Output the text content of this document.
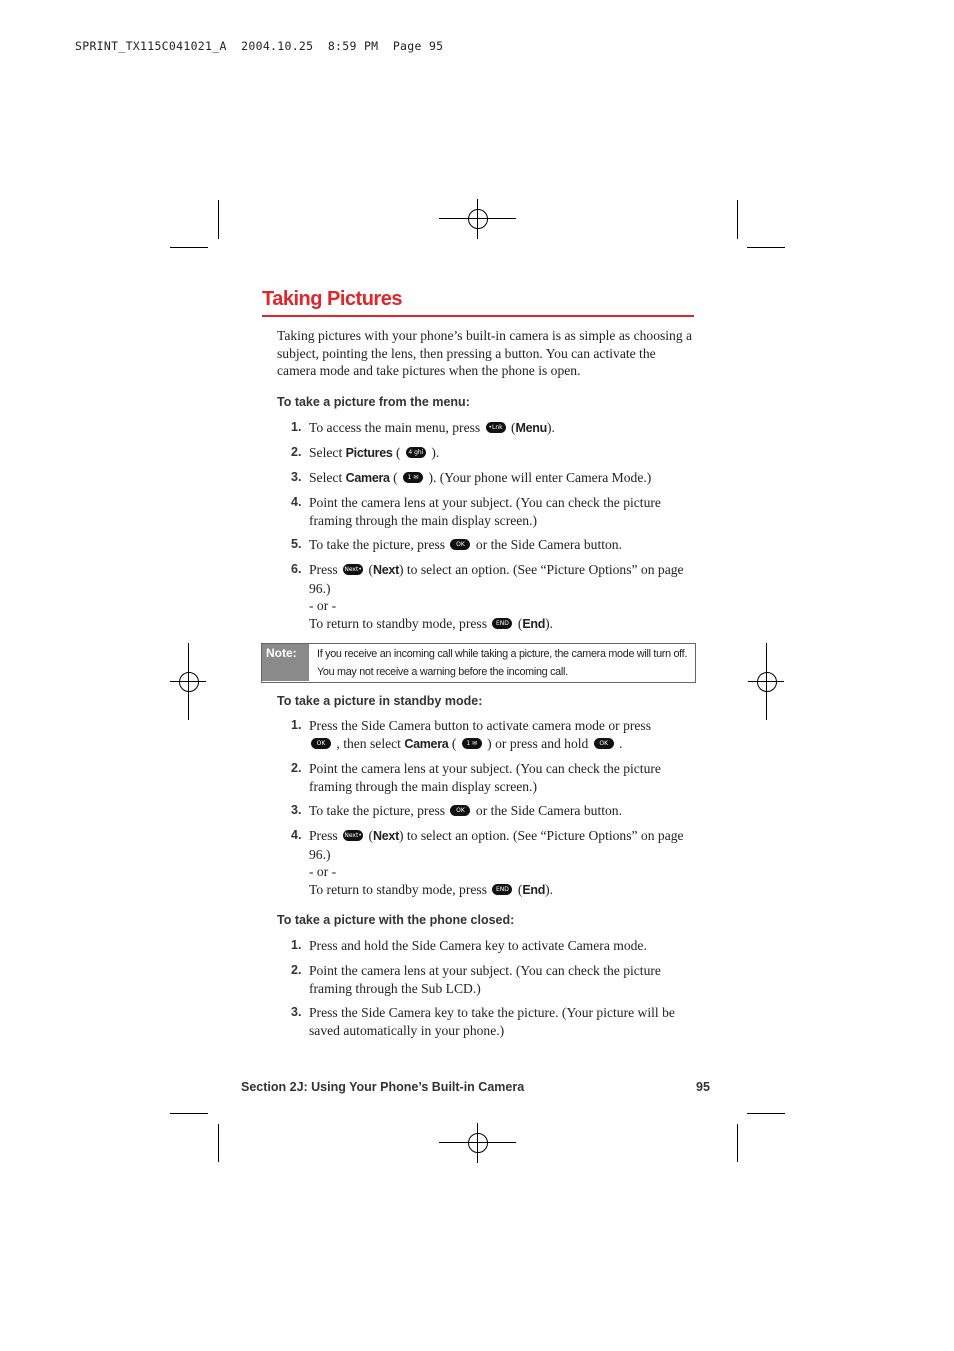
SPRINT_TX115C041021_A  2004.10.25  8:59 PM  Page 95
Taking Pictures
Taking pictures with your phone’s built-in camera is as simple as choosing a subject, pointing the lens, then pressing a button. You can activate the camera mode and take pictures when the phone is open.
To take a picture from the menu:
1. To access the main menu, press •Lnk (Menu).
2. Select Pictures ( 4 ghi ).
3. Select Camera ( 1 ✉ ). (Your phone will enter Camera Mode.)
4. Point the camera lens at your subject. (You can check the picture framing through the main display screen.)
5. To take the picture, press OK or the Side Camera button.
6. Press Next• (Next) to select an option. (See “Picture Options” on page 96.)
- or -
To return to standby mode, press END (End).
Note:	If you receive an incoming call while taking a picture, the camera mode will turn off. You may not receive a warning before the incoming call.
To take a picture in standby mode:
1. Press the Side Camera button to activate camera mode or press
OK , then select Camera ( 1 ✉ ) or press and hold OK .
2. Point the camera lens at your subject. (You can check the picture framing through the main display screen.)
3. To take the picture, press OK or the Side Camera button.
4. Press Next• (Next) to select an option. (See “Picture Options” on page 96.)
- or -
To return to standby mode, press END (End).
To take a picture with the phone closed:
1. Press and hold the Side Camera key to activate Camera mode.
2. Point the camera lens at your subject. (You can check the picture framing through the Sub LCD.)
3. Press the Side Camera key to take the picture. (Your picture will be saved automatically in your phone.)
Section 2J: Using Your Phone’s Built-in Camera	95
